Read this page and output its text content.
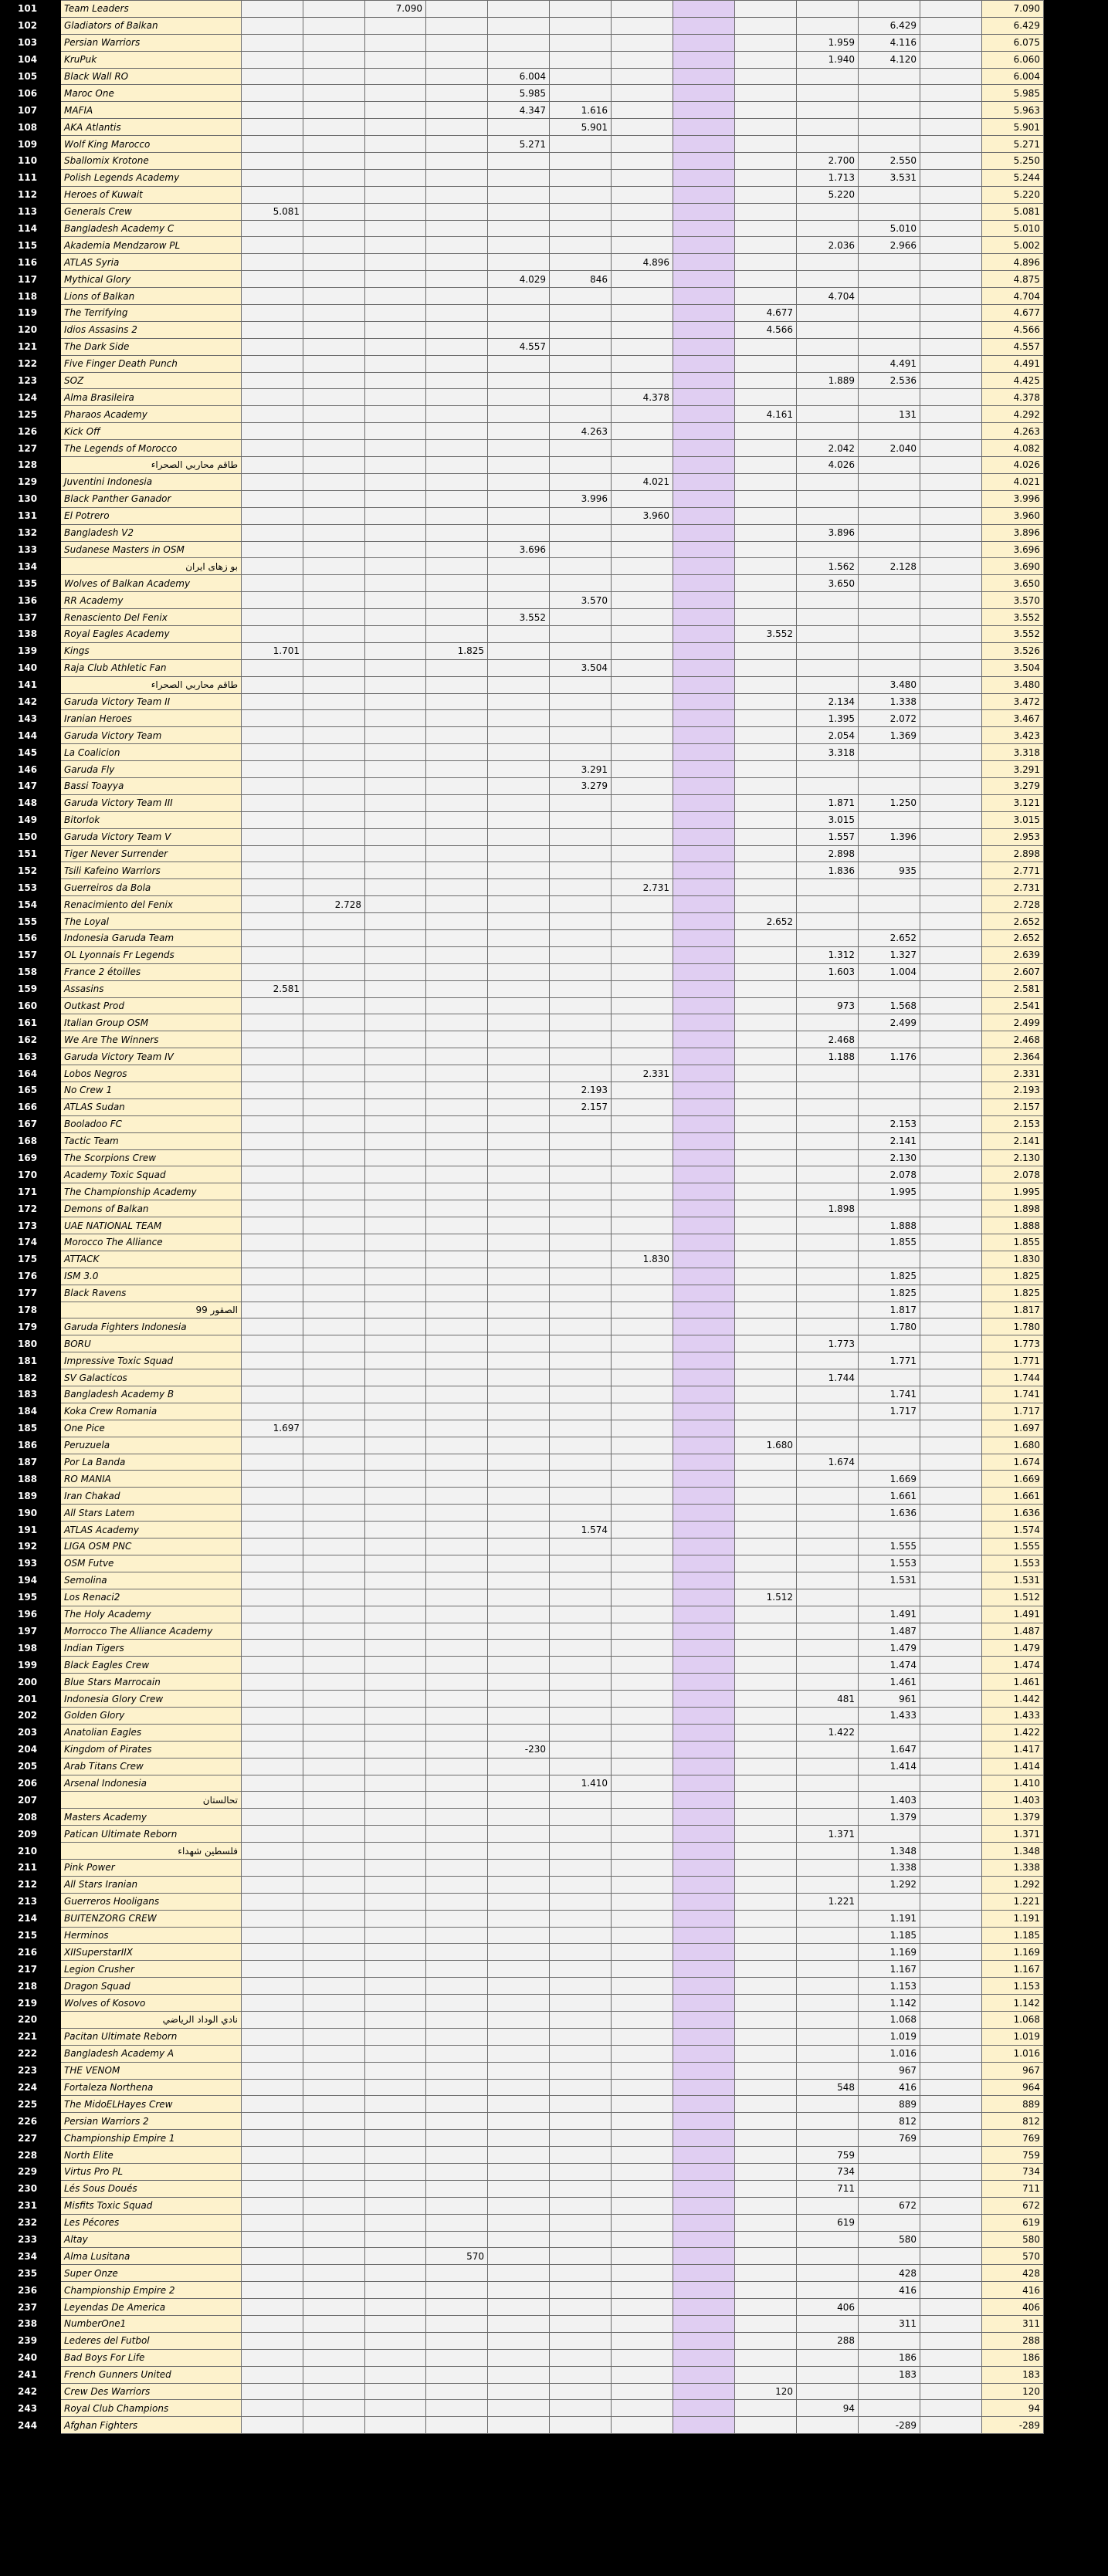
101	Team Leaders			7.090										7.090	
102	Gladiators of Balkan											6.429		6.429	
103	Persian Warriors										1.959	4.116		6.075	
104	KruPuk										1.940	4.120		6.060	
105	Black Wall RO					6.004								6.004	
106	Maroc One					5.985								5.985	
107	MAFIA					4.347	1.616							5.963	
108	AKA Atlantis						5.901							5.901	
109	Wolf King Marocco					5.271								5.271	
110	Sballomix Krotone										2.700	2.550		5.250	
111	Polish Legends Academy										1.713	3.531		5.244	
112	Heroes of Kuwait										5.220			5.220	
113	Generals Crew	5.081												5.081	
114	Bangladesh Academy C											5.010		5.010	
115	Akademia Mendzarow PL										2.036	2.966		5.002	
116	ATLAS Syria							4.896						4.896	
117	Mythical Glory					4.029	846							4.875	
118	Lions of Balkan										4.704			4.704	
119	The Terrifying									4.677				4.677	
120	Idios Assasins 2									4.566				4.566	
121	The Dark Side					4.557								4.557	
122	Five Finger Death Punch											4.491		4.491	
123	SOZ										1.889	2.536		4.425	
124	Alma Brasileira							4.378						4.378	
125	Pharaos Academy									4.161		131		4.292	
126	Kick Off						4.263							4.263	
127	The Legends of Morocco										2.042	2.040		4.082	
128	طاقم محاربي الصحراء										4.026			4.026	
129	Juventini Indonesia							4.021						4.021	
130	Black Panther Ganador						3.996							3.996	
131	El Potrero							3.960						3.960	
132	Bangladesh V2										3.896			3.896	
133	Sudanese Masters in OSM					3.696								3.696	
134	بو زهای ایران										1.562	2.128		3.690	
135	Wolves of Balkan Academy										3.650			3.650	
136	RR Academy						3.570							3.570	
137	Renasciento Del Fenix					3.552								3.552	
138	Royal Eagles Academy									3.552				3.552	
139	Kings	1.701			1.825									3.526	
140	Raja Club Athletic Fan						3.504							3.504	
141	طاقم محاربي الصحراء											3.480		3.480	
142	Garuda Victory Team II										2.134	1.338		3.472	
143	Iranian Heroes										1.395	2.072		3.467	
144	Garuda Victory Team										2.054	1.369		3.423	
145	La Coalicion										3.318			3.318	
146	Garuda Fly						3.291							3.291	
147	Bassi Toayya						3.279							3.279	
148	Garuda Victory Team III										1.871	1.250		3.121	
149	Bitorlok										3.015			3.015	
150	Garuda Victory Team V										1.557	1.396		2.953	
151	Tiger Never Surrender										2.898			2.898	
152	Tsili Kafeino Warriors										1.836	935		2.771	
153	Guerreiros da Bola							2.731						2.731	
154	Renacimiento del Fenix		2.728											2.728	
155	The Loyal									2.652				2.652	
156	Indonesia Garuda Team											2.652		2.652	
157	OL Lyonnais Fr Legends										1.312	1.327		2.639	
158	France 2 étoilles										1.603	1.004		2.607	
159	Assasins	2.581												2.581	
160	Outkast Prod										973	1.568		2.541	
161	Italian Group OSM											2.499		2.499	
162	We Are The Winners										2.468			2.468	
163	Garuda Victory Team IV										1.188	1.176		2.364	
164	Lobos Negros							2.331						2.331	
165	No Crew 1						2.193							2.193	
166	ATLAS Sudan						2.157							2.157	
167	Booladoo FC											2.153		2.153	
168	Tactic Team											2.141		2.141	
169	The Scorpions Crew											2.130		2.130	
170	Academy Toxic Squad											2.078		2.078	
171	The Championship Academy											1.995		1.995	
172	Demons of Balkan										1.898			1.898	
173	UAE NATIONAL TEAM											1.888		1.888	
174	Morocco The Alliance											1.855		1.855	
175	ATTACK							1.830						1.830	
176	ISM 3.0											1.825		1.825	
177	Black Ravens											1.825		1.825	
178	الصقور 99											1.817		1.817	
179	Garuda Fighters Indonesia											1.780		1.780	
180	BORU										1.773			1.773	
181	Impressive Toxic Squad											1.771		1.771	
182	SV Galacticos										1.744			1.744	
183	Bangladesh Academy B											1.741		1.741	
184	Koka Crew Romania											1.717		1.717	
185	One Pice	1.697												1.697	
186	Peruzuela									1.680				1.680	
187	Por La Banda										1.674			1.674	
188	RO MANIA											1.669		1.669	
189	Iran Chakad											1.661		1.661	
190	All Stars Latem											1.636		1.636	
191	ATLAS Academy						1.574							1.574	
192	LIGA OSM PNC											1.555		1.555	
193	OSM Futve											1.553		1.553	
194	Semolina											1.531		1.531	
195	Los Renaci2									1.512				1.512	
196	The Holy Academy											1.491		1.491	
197	Morrocco The Alliance Academy											1.487		1.487	
198	Indian Tigers											1.479		1.479	
199	Black Eagles Crew											1.474		1.474	
200	Blue Stars Marrocain											1.461		1.461	
201	Indonesia Glory Crew										481	961		1.442	
202	Golden Glory											1.433		1.433	
203	Anatolian Eagles										1.422			1.422	
204	Kingdom of Pirates					-230						1.647		1.417	
205	Arab Titans Crew											1.414		1.414	
206	Arsenal Indonesia						1.410							1.410	
207	تحالستان											1.403		1.403	
208	Masters Academy											1.379		1.379	
209	Patican Ultimate Reborn										1.371			1.371	
210	فلسطين شهداء											1.348		1.348	
211	Pink Power											1.338		1.338	
212	All Stars Iranian											1.292		1.292	
213	Guerreros Hooligans										1.221			1.221	
214	BUITENZORG CREW											1.191		1.191	
215	Herminos											1.185		1.185	
216	XIISuperstarIIX											1.169		1.169	
217	Legion Crusher											1.167		1.167	
218	Dragon Squad											1.153		1.153	
219	Wolves of Kosovo											1.142		1.142	
220	نادي الوداد الرياضي											1.068		1.068	
221	Pacitan Ultimate Reborn											1.019		1.019	
222	Bangladesh Academy A											1.016		1.016	
223	THE VENOM											967		967	
224	Fortaleza Northena										548	416		964	
225	The MidoELHayes Crew											889		889	
226	Persian Warriors 2											812		812	
227	Championship Empire 1											769		769	
228	North Elite										759			759	
229	Virtus Pro PL										734			734	
230	Lés Sous Doués										711			711	
231	Misfits Toxic Squad											672		672	
232	Les Pécores										619			619	
233	Altay											580		580	
234	Alma Lusitana				570									570	
235	Super Onze											428		428	
236	Championship Empire 2											416		416	
237	Leyendas De America										406			406	
238	NumberOne1											311		311	
239	Lederes del Futbol										288			288	
240	Bad Boys For Life											186		186	
241	French Gunners United											183		183	
242	Crew Des Warriors									120				120	
243	Royal Club Champions										94			94	
244	Afghan Fighters											-289		-289	
